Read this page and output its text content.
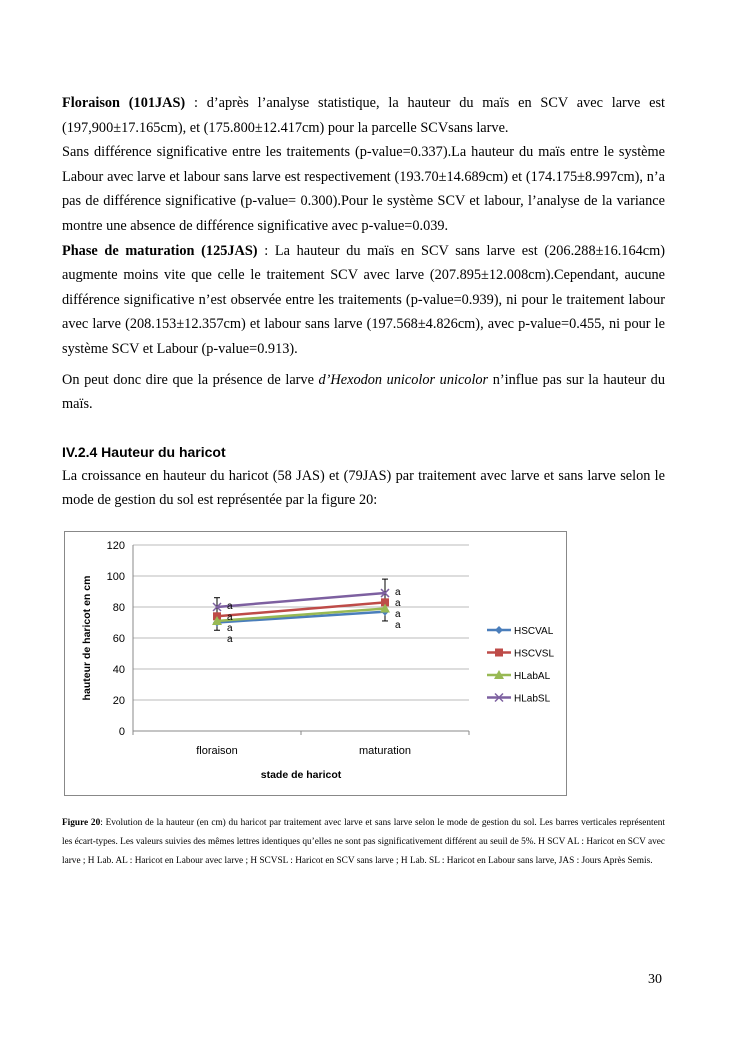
Floraison (101JAS) : d’après l’analyse statistique, la hauteur du maïs en SCV avec larve est (197,900±17.165cm), et (175.800±12.417cm) pour la parcelle SCVsans larve.

Sans différence significative entre les traitements (p-value=0.337).La hauteur du maïs entre le système Labour avec larve et labour sans larve est respectivement (193.70±14.689cm) et (174.175±8.997cm), n’a pas de différence significative (p-value= 0.300).Pour le système SCV et labour, l’analyse de la variance montre une absence de différence significative avec p-value=0.039.

Phase de maturation (125JAS) : La hauteur du maïs en SCV sans larve est (206.288±16.164cm) augmente moins vite que celle le traitement SCV avec larve (207.895±12.008cm).Cependant, aucune différence significative n’est observée entre les traitements (p-value=0.939), ni pour le traitement labour avec larve (208.153±12.357cm) et labour sans larve (197.568±4.826cm), avec p-value=0.455, ni pour le système SCV et Labour (p-value=0.913).

On peut donc dire que la présence de larve d’Hexodon unicolor unicolor n’influe pas sur la hauteur du maïs.

IV.2.4 Hauteur du haricot
La croissance en hauteur du haricot (58 JAS) et (79JAS) par traitement avec larve et sans larve selon le mode de gestion du sol est représentée par la figure 20:
0
20
40
60
80
100
120
floraison	maturation
stade de haricot
hauteur de haricot en cm	HSCVAL
HSCVSL
HLabAL
HLabSL
a
a
a
a
a
a
a
a
Figure 20: Evolution de la hauteur (en cm) du haricot par traitement avec larve et sans larve selon le mode de gestion du sol. Les barres verticales représentent les écart-types. Les valeurs suivies des mêmes lettres identiques qu’elles ne sont pas significativement différent au seuil de 5%. H SCV AL : Haricot en SCV avec larve ; H Lab. AL : Haricot en Labour avec larve ; H SCVSL : Haricot en SCV sans larve ; H Lab. SL : Haricot en Labour sans larve, JAS : Jours Après Semis.
30
